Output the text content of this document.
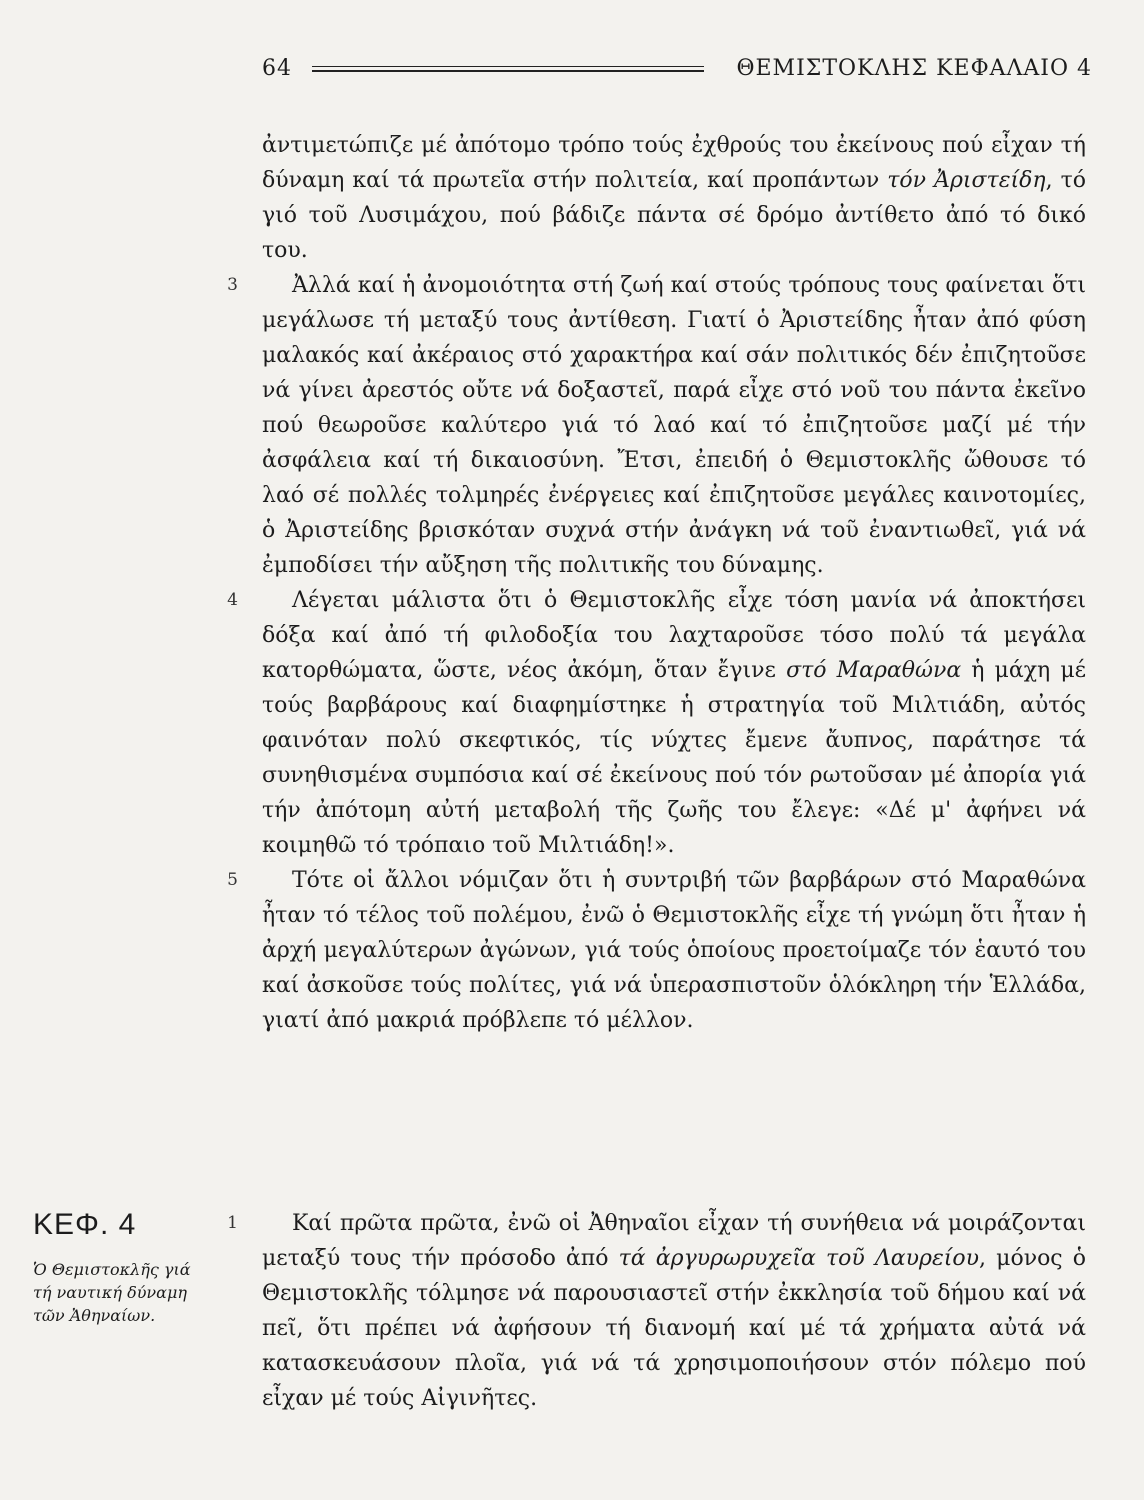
64	ΘΕΜΙΣΤΟΚΛΗΣ ΚΕΦΑΛΑΙΟ 4

ἀντιμετώπιζε μέ ἀπότομο τρόπο τούς ἐχθρούς του ἐκείνους πού εἶχαν τή δύναμη καί τά πρωτεῖα στήν πολιτεία, καί προπάντων τόν Ἀριστείδη, τό γιό τοῦ Λυσιμάχου, πού βάδιζε πάντα σέ δρόμο ἀντίθετο ἀπό τό δικό του.

3 Ἀλλά καί ἡ ἀνομοιότητα στή ζωή καί στούς τρόπους τους φαίνεται ὅτι μεγάλωσε τή μεταξύ τους ἀντίθεση. Γιατί ὁ Ἀριστείδης ἦταν ἀπό φύση μαλακός καί ἀκέραιος στό χαρακτήρα καί σάν πολιτικός δέν ἐπιζητοῦσε νά γίνει ἀρεστός οὔτε νά δοξαστεῖ, παρά εἶχε στό νοῦ του πάντα ἐκεῖνο πού θεωροῦσε καλύτερο γιά τό λαό καί τό ἐπιζητοῦσε μαζί μέ τήν ἀσφάλεια καί τή δικαιοσύνη. Ἔτσι, ἐπειδή ὁ Θεμιστοκλῆς ὤθουσε τό λαό σέ πολλές τολμηρές ἐνέργειες καί ἐπιζητοῦσε μεγάλες καινοτομίες, ὁ Ἀριστείδης βρισκόταν συχνά στήν ἀνάγκη νά τοῦ ἐναντιωθεῖ, γιά νά ἐμποδίσει τήν αὔξηση τῆς πολιτικῆς του δύναμης.

4 Λέγεται μάλιστα ὅτι ὁ Θεμιστοκλῆς εἶχε τόση μανία νά ἀποκτήσει δόξα καί ἀπό τή φιλοδοξία του λαχταροῦσε τόσο πολύ τά μεγάλα κατορθώματα, ὥστε, νέος ἀκόμη, ὅταν ἔγινε στό Μαραθώνα ἡ μάχη μέ τούς βαρβάρους καί διαφημίστηκε ἡ στρατηγία τοῦ Μιλτιάδη, αὐτός φαινόταν πολύ σκεφτικός, τίς νύχτες ἔμενε ἄυπνος, παράτησε τά συνηθισμένα συμπόσια καί σέ ἐκείνους πού τόν ρωτοῦσαν μέ ἀπορία γιά τήν ἀπότομη αὐτή μεταβολή τῆς ζωῆς του ἔλεγε: «Δέ μ' ἀφήνει νά κοιμηθῶ τό τρόπαιο τοῦ Μιλτιάδη!».

5 Τότε οἱ ἄλλοι νόμιζαν ὅτι ἡ συντριβή τῶν βαρβάρων στό Μαραθώνα ἦταν τό τέλος τοῦ πολέμου, ἐνῶ ὁ Θεμιστοκλῆς εἶχε τή γνώμη ὅτι ἦταν ἡ ἀρχή μεγαλύτερων ἀγώνων, γιά τούς ὁποίους προετοίμαζε τόν ἑαυτό του καί ἀσκοῦσε τούς πολίτες, γιά νά ὑπερασπιστοῦν ὁλόκληρη τήν Ἑλλάδα, γιατί ἀπό μακριά πρόβλεπε τό μέλλον.

ΚΕΦ. 4

Ὁ Θεμιστοκλῆς γιά τή ναυτική δύναμη τῶν Ἀθηναίων.

1 Καί πρῶτα πρῶτα, ἐνῶ οἱ Ἀθηναῖοι εἶχαν τή συνήθεια νά μοιράζονται μεταξύ τους τήν πρόσοδο ἀπό τά ἀργυρωρυχεῖα τοῦ Λαυρείου, μόνος ὁ Θεμιστοκλῆς τόλμησε νά παρουσιαστεῖ στήν ἐκκλησία τοῦ δήμου καί νά πεῖ, ὅτι πρέπει νά ἀφήσουν τή διανομή καί μέ τά χρήματα αὐτά νά κατασκευάσουν πλοῖα, γιά νά τά χρησιμοποιήσουν στόν πόλεμο πού εἶχαν μέ τούς Αἰγινῆτες.
